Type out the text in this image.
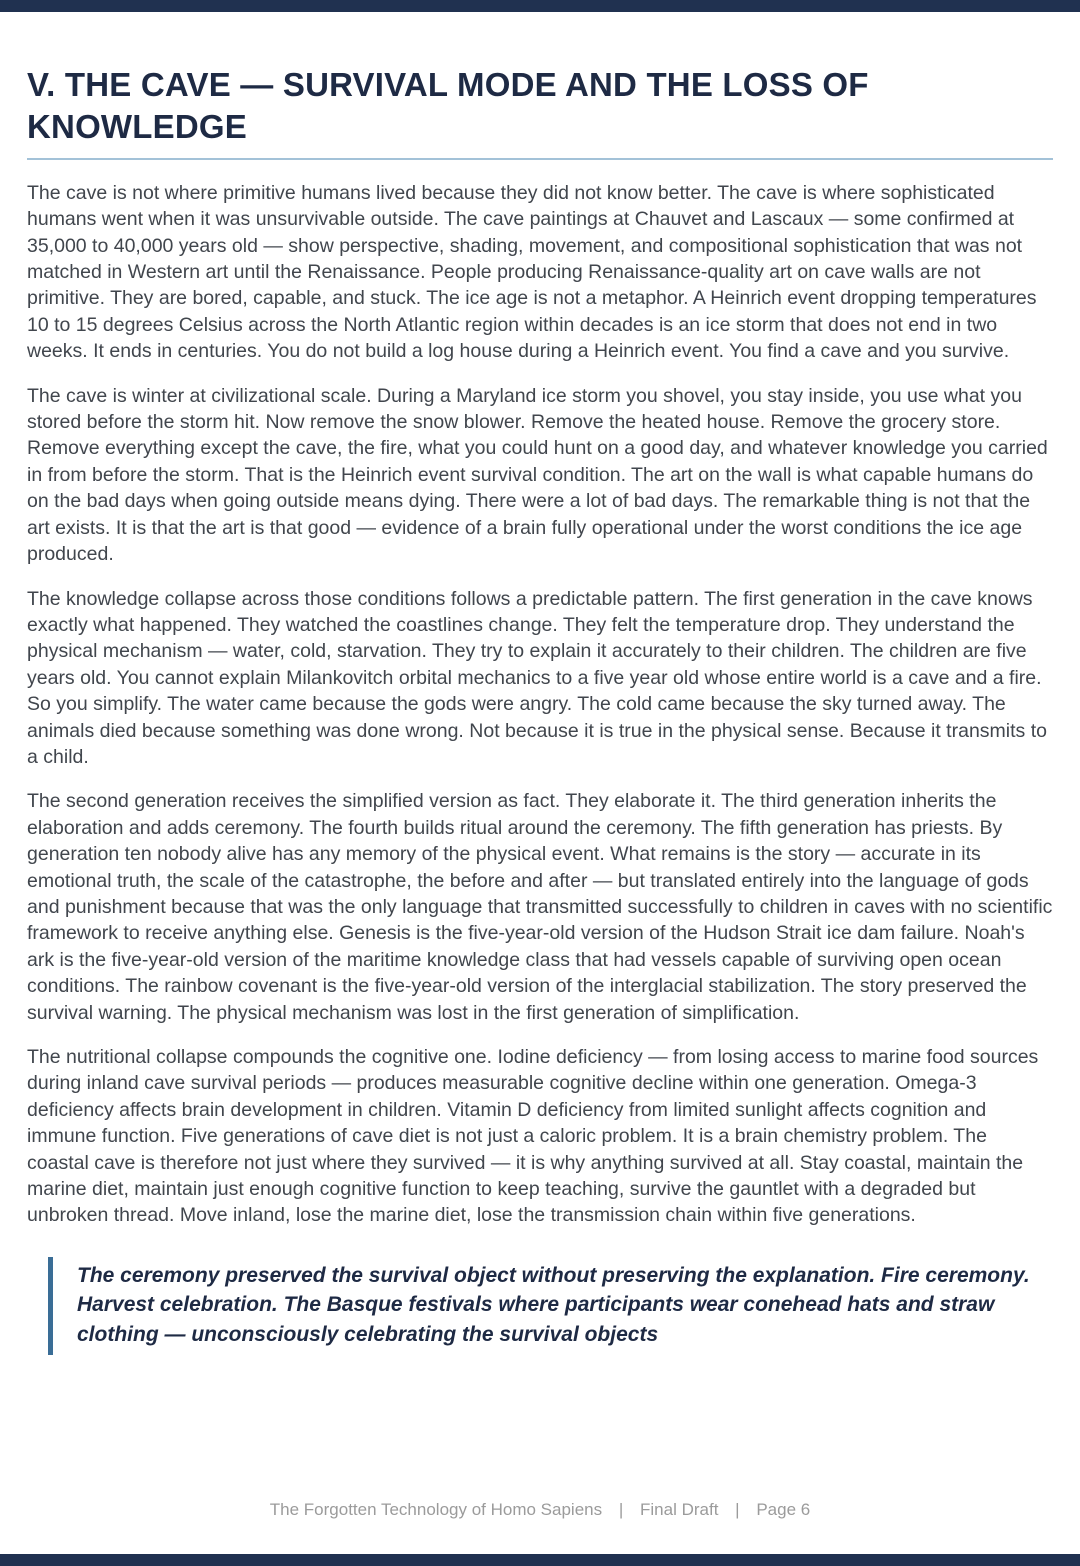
V. THE CAVE — SURVIVAL MODE AND THE LOSS OF KNOWLEDGE

The cave is not where primitive humans lived because they did not know better. The cave is where sophisticated humans went when it was unsurvivable outside. The cave paintings at Chauvet and Lascaux — some confirmed at 35,000 to 40,000 years old — show perspective, shading, movement, and compositional sophistication that was not matched in Western art until the Renaissance. People producing Renaissance-quality art on cave walls are not primitive. They are bored, capable, and stuck. The ice age is not a metaphor. A Heinrich event dropping temperatures 10 to 15 degrees Celsius across the North Atlantic region within decades is an ice storm that does not end in two weeks. It ends in centuries. You do not build a log house during a Heinrich event. You find a cave and you survive.

The cave is winter at civilizational scale. During a Maryland ice storm you shovel, you stay inside, you use what you stored before the storm hit. Now remove the snow blower. Remove the heated house. Remove the grocery store. Remove everything except the cave, the fire, what you could hunt on a good day, and whatever knowledge you carried in from before the storm. That is the Heinrich event survival condition. The art on the wall is what capable humans do on the bad days when going outside means dying. There were a lot of bad days. The remarkable thing is not that the art exists. It is that the art is that good — evidence of a brain fully operational under the worst conditions the ice age produced.

The knowledge collapse across those conditions follows a predictable pattern. The first generation in the cave knows exactly what happened. They watched the coastlines change. They felt the temperature drop. They understand the physical mechanism — water, cold, starvation. They try to explain it accurately to their children. The children are five years old. You cannot explain Milankovitch orbital mechanics to a five year old whose entire world is a cave and a fire. So you simplify. The water came because the gods were angry. The cold came because the sky turned away. The animals died because something was done wrong. Not because it is true in the physical sense. Because it transmits to a child.

The second generation receives the simplified version as fact. They elaborate it. The third generation inherits the elaboration and adds ceremony. The fourth builds ritual around the ceremony. The fifth generation has priests. By generation ten nobody alive has any memory of the physical event. What remains is the story — accurate in its emotional truth, the scale of the catastrophe, the before and after — but translated entirely into the language of gods and punishment because that was the only language that transmitted successfully to children in caves with no scientific framework to receive anything else. Genesis is the five-year-old version of the Hudson Strait ice dam failure. Noah's ark is the five-year-old version of the maritime knowledge class that had vessels capable of surviving open ocean conditions. The rainbow covenant is the five-year-old version of the interglacial stabilization. The story preserved the survival warning. The physical mechanism was lost in the first generation of simplification.

The nutritional collapse compounds the cognitive one. Iodine deficiency — from losing access to marine food sources during inland cave survival periods — produces measurable cognitive decline within one generation. Omega-3 deficiency affects brain development in children. Vitamin D deficiency from limited sunlight affects cognition and immune function. Five generations of cave diet is not just a caloric problem. It is a brain chemistry problem. The coastal cave is therefore not just where they survived — it is why anything survived at all. Stay coastal, maintain the marine diet, maintain just enough cognitive function to keep teaching, survive the gauntlet with a degraded but unbroken thread. Move inland, lose the marine diet, lose the transmission chain within five generations.

The ceremony preserved the survival object without preserving the explanation. Fire ceremony. Harvest celebration. The Basque festivals where participants wear conehead hats and straw clothing — unconsciously celebrating the survival objects
The Forgotten Technology of Homo Sapiens | Final Draft | Page 6
